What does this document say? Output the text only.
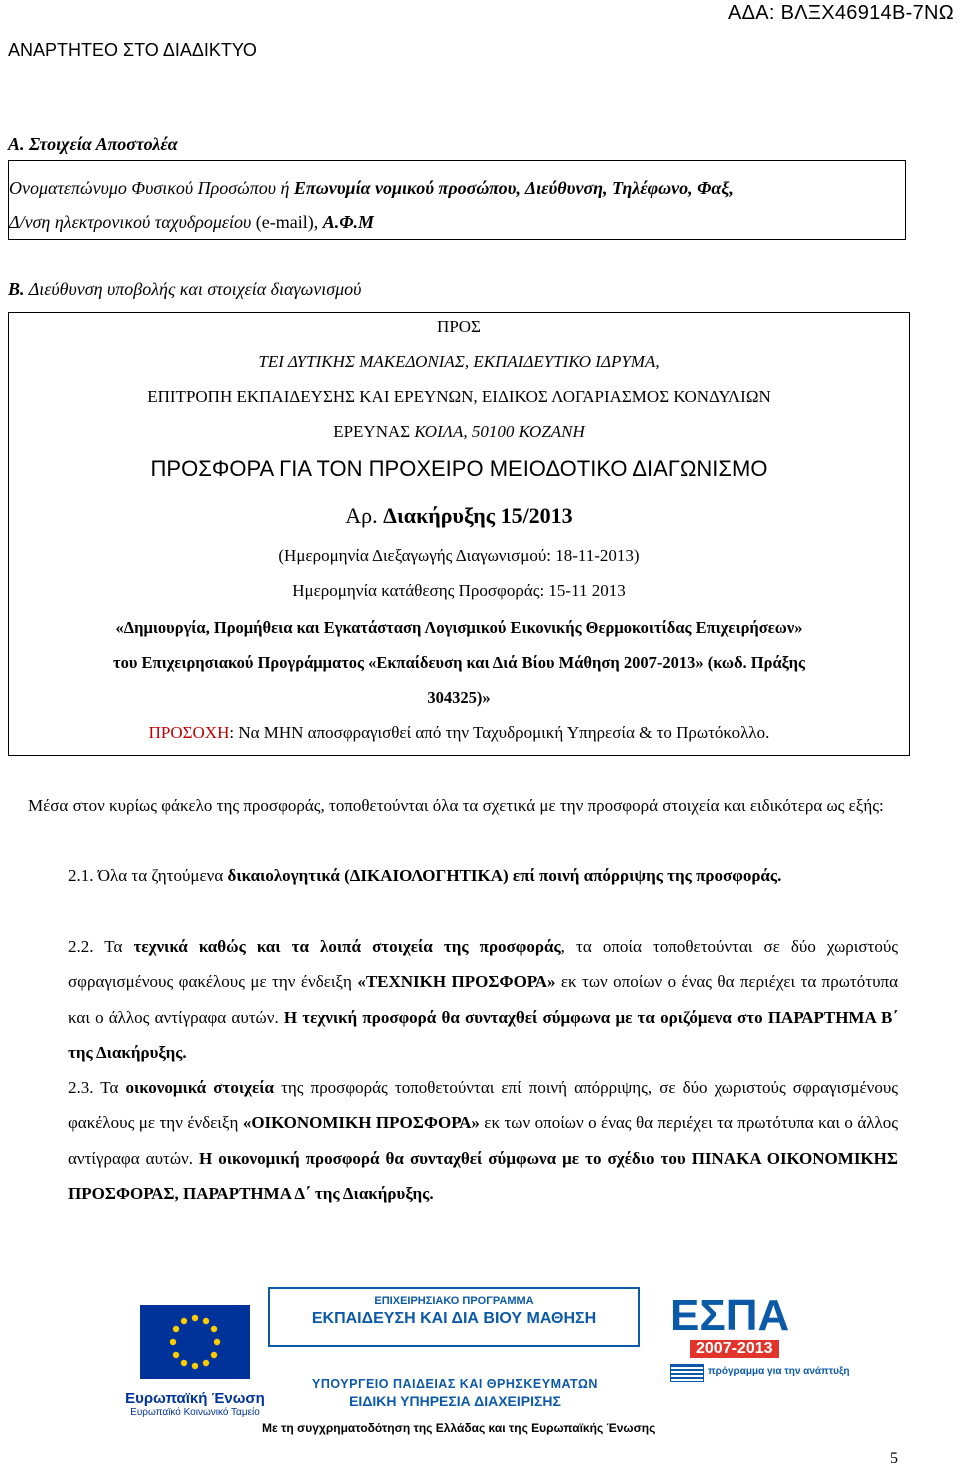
ΑΔΑ: ΒΛΞΧ46914Β-7ΝΩ
ΑΝΑΡΤΗΤΕΟ ΣΤΟ ΔΙΑΔΙΚΤΥΟ
Α. Στοιχεία Αποστολέα
Ονοματεπώνυμο Φυσικού Προσώπου ή Επωνυμία νομικού προσώπου, Διεύθυνση, Τηλέφωνο, Φαξ,
Δ/νση ηλεκτρονικού ταχυδρομείου (e-mail), Α.Φ.Μ
Β. Διεύθυνση υποβολής και στοιχεία διαγωνισμού
ΠΡΟΣ
ΤΕΙ ΔΥΤΙΚΗΣ ΜΑΚΕΔΟΝΙΑΣ, ΕΚΠΑΙΔΕΥΤΙΚΟ ΙΔΡΥΜΑ,
ΕΠΙΤΡΟΠΗ ΕΚΠΑΙΔΕΥΣΗΣ ΚΑΙ ΕΡΕΥΝΩΝ, ΕΙΔΙΚΟΣ ΛΟΓΑΡΙΑΣΜΟΣ ΚΟΝΔΥΛΙΩΝ
ΕΡΕΥΝΑΣ ΚΟΙΛΑ, 50100 ΚΟΖΑΝΗ
ΠΡΟΣΦΟΡΑ ΓΙΑ ΤΟΝ ΠΡΟΧΕΙΡΟ ΜΕΙΟΔΟΤΙΚΟ ΔΙΑΓΩΝΙΣΜΟ
Αρ. Διακήρυξης 15/2013
(Ημερομηνία Διεξαγωγής Διαγωνισμού: 18-11-2013)
Ημερομηνία κατάθεσης Προσφοράς: 15-11 2013
«Δημιουργία, Προμήθεια και Εγκατάσταση Λογισμικού Εικονικής Θερμοκοιτίδας Επιχειρήσεων»
του Επιχειρησιακού Προγράμματος «Εκπαίδευση και Διά Βίου Μάθηση 2007-2013» (κωδ. Πράξης
304325)»
ΠΡΟΣΟΧΗ: Να ΜΗΝ αποσφραγισθεί από την Ταχυδρομική Υπηρεσία & το Πρωτόκολλο.
Μέσα στον κυρίως φάκελο της προσφοράς, τοποθετούνται όλα τα σχετικά με την προσφορά στοιχεία και ειδικότερα ως εξής:
2.1. Όλα τα ζητούμενα δικαιολογητικά (ΔΙΚΑΙΟΛΟΓΗΤΙΚΑ) επί ποινή απόρριψης της προσφοράς.
2.2. Τα τεχνικά καθώς και τα λοιπά στοιχεία της προσφοράς, τα οποία τοποθετούνται σε δύο χωριστούς σφραγισμένους φακέλους με την ένδειξη «ΤΕΧΝΙΚΗ ΠΡΟΣΦΟΡΑ» εκ των οποίων ο ένας θα περιέχει τα πρωτότυπα και ο άλλος αντίγραφα αυτών. Η τεχνική προσφορά θα συνταχθεί σύμφωνα με τα οριζόμενα στο ΠΑΡΑΡΤΗΜΑ Β΄ της Διακήρυξης.
2.3. Τα οικονομικά στοιχεία της προσφοράς τοποθετούνται επί ποινή απόρριψης, σε δύο χωριστούς σφραγισμένους φακέλους με την ένδειξη «ΟΙΚΟΝΟΜΙΚΗ ΠΡΟΣΦΟΡΑ» εκ των οποίων ο ένας θα περιέχει τα πρωτότυπα και ο άλλος αντίγραφα αυτών. Η οικονομική προσφορά θα συνταχθεί σύμφωνα με το σχέδιο του ΠΙΝΑΚΑ ΟΙΚΟΝΟΜΙΚΗΣ ΠΡΟΣΦΟΡΑΣ, ΠΑΡΑΡΤΗΜΑ Δ΄ της Διακήρυξης.
Ευρωπαϊκή Ένωση
Ευρωπαϊκό Κοινωνικό Ταμείο
ΕΠΙΧΕΙΡΗΣΙΑΚΟ ΠΡΟΓΡΑΜΜΑ
ΕΚΠΑΙΔΕΥΣΗ ΚΑΙ ΔΙΑ ΒΙΟΥ ΜΑΘΗΣΗ
ΥΠΟΥΡΓΕΙΟ ΠΑΙΔΕΙΑΣ ΚΑΙ ΘΡΗΣΚΕΥΜΑΤΩΝ
ΕΙΔΙΚΗ ΥΠΗΡΕΣΙΑ ΔΙΑΧΕΙΡΙΣΗΣ
Με τη συγχρηματοδότηση της Ελλάδας και της Ευρωπαϊκής Ένωσης
ΕΣΠΑ
2007-2013
πρόγραμμα για την ανάπτυξη
5
